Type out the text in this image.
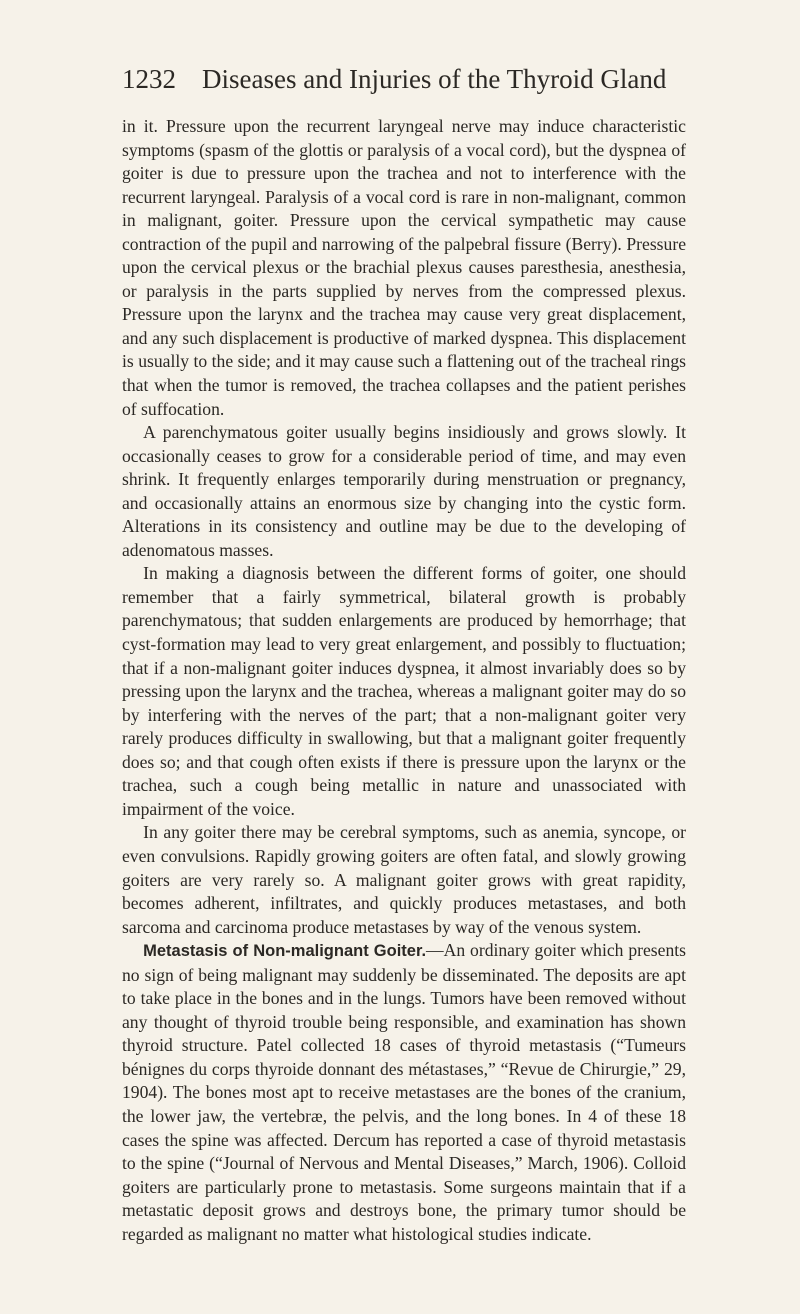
1232 Diseases and Injuries of the Thyroid Gland

in it. Pressure upon the recurrent laryngeal nerve may induce characteristic symptoms (spasm of the glottis or paralysis of a vocal cord), but the dyspnea of goiter is due to pressure upon the trachea and not to interference with the recurrent laryngeal. Paralysis of a vocal cord is rare in non-malignant, common in malignant, goiter. Pressure upon the cervical sympathetic may cause contraction of the pupil and narrowing of the palpebral fissure (Berry). Pressure upon the cervical plexus or the brachial plexus causes paresthesia, anesthesia, or paralysis in the parts supplied by nerves from the compressed plexus. Pressure upon the larynx and the trachea may cause very great displacement, and any such displacement is productive of marked dyspnea. This displacement is usually to the side; and it may cause such a flattening out of the tracheal rings that when the tumor is removed, the trachea collapses and the patient perishes of suffocation.

A parenchymatous goiter usually begins insidiously and grows slowly. It occasionally ceases to grow for a considerable period of time, and may even shrink. It frequently enlarges temporarily during menstruation or pregnancy, and occasionally attains an enormous size by changing into the cystic form. Alterations in its consistency and outline may be due to the developing of adenomatous masses.

In making a diagnosis between the different forms of goiter, one should remember that a fairly symmetrical, bilateral growth is probably parenchymatous; that sudden enlargements are produced by hemorrhage; that cyst-formation may lead to very great enlargement, and possibly to fluctuation; that if a non-malignant goiter induces dyspnea, it almost invariably does so by pressing upon the larynx and the trachea, whereas a malignant goiter may do so by interfering with the nerves of the part; that a non-malignant goiter very rarely produces difficulty in swallowing, but that a malignant goiter frequently does so; and that cough often exists if there is pressure upon the larynx or the trachea, such a cough being metallic in nature and unassociated with impairment of the voice.

In any goiter there may be cerebral symptoms, such as anemia, syncope, or even convulsions. Rapidly growing goiters are often fatal, and slowly growing goiters are very rarely so. A malignant goiter grows with great rapidity, becomes adherent, infiltrates, and quickly produces metastases, and both sarcoma and carcinoma produce metastases by way of the venous system.

Metastasis of Non-malignant Goiter.—An ordinary goiter which presents no sign of being malignant may suddenly be disseminated. The deposits are apt to take place in the bones and in the lungs. Tumors have been removed without any thought of thyroid trouble being responsible, and examination has shown thyroid structure. Patel collected 18 cases of thyroid metastasis (“Tumeurs bénignes du corps thyroide donnant des métastases,” “Revue de Chirurgie,” 29, 1904). The bones most apt to receive metastases are the bones of the cranium, the lower jaw, the vertebræ, the pelvis, and the long bones. In 4 of these 18 cases the spine was affected. Dercum has reported a case of thyroid metastasis to the spine (“Journal of Nervous and Mental Diseases,” March, 1906). Colloid goiters are particularly prone to metastasis. Some surgeons maintain that if a metastatic deposit grows and destroys bone, the primary tumor should be regarded as malignant no matter what histological studies indicate.
